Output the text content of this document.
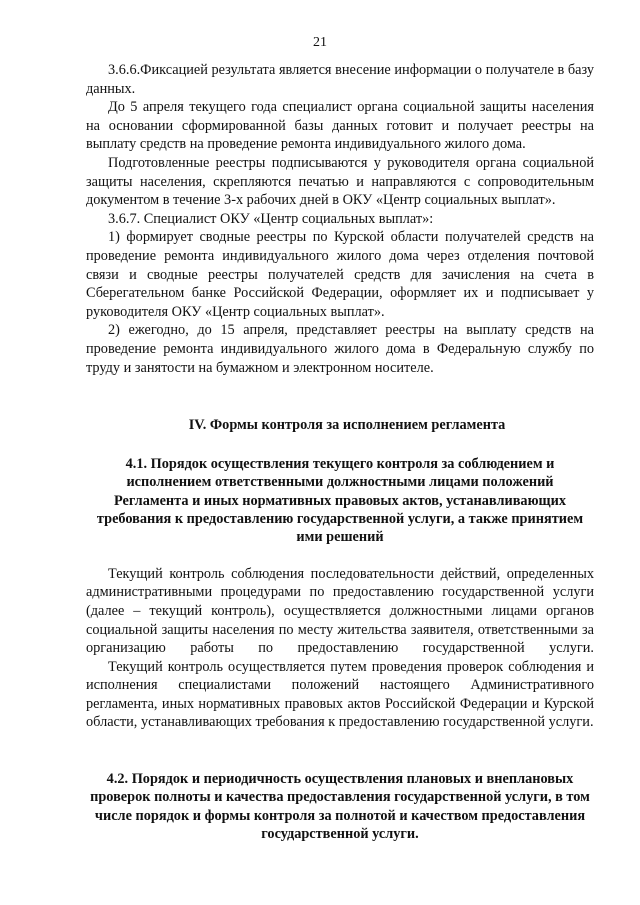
21

3.6.6.Фиксацией результата является внесение информации о получателе в базу данных.

До 5 апреля текущего года специалист органа социальной защиты населения на основании сформированной базы данных готовит и получает реестры на выплату средств на проведение ремонта индивидуального жилого дома.

Подготовленные реестры подписываются у руководителя органа социальной защиты населения, скрепляются печатью и направляются с сопроводительным документом в течение 3-х рабочих дней в ОКУ «Центр социальных выплат».

3.6.7. Специалист ОКУ «Центр социальных выплат»:

1) формирует сводные реестры по Курской области получателей средств на проведение ремонта индивидуального жилого дома через отделения почтовой связи и сводные реестры получателей средств для зачисления на счета в Сберегательном банке Российской Федерации, оформляет их и подписывает у руководителя ОКУ «Центр социальных выплат».

2) ежегодно, до 15 апреля, представляет реестры на выплату средств на проведение ремонта индивидуального жилого дома в Федеральную службу по труду и занятости на бумажном и электронном носителе.

IV. Формы контроля за исполнением регламента
4.1. Порядок осуществления текущего контроля за соблюдением и исполнением ответственными должностными лицами положений Регламента и иных нормативных правовых актов, устанавливающих требования к предоставлению государственной услуги, а также принятием ими решений

Текущий контроль соблюдения последовательности действий, определенных административными процедурами по предоставлению государственной услуги (далее – текущий контроль), осуществляется должностными лицами органов социальной защиты населения по месту жительства заявителя, ответственными за организацию работы по предоставлению государственной услуги.

Текущий контроль осуществляется путем проведения проверок соблюдения и исполнения специалистами положений настоящего Административного регламента, иных нормативных правовых актов Российской Федерации и Курской области, устанавливающих требования к предоставлению государственной услуги.

4.2. Порядок и периодичность осуществления плановых и внеплановых проверок полноты и качества предоставления государственной услуги, в том числе порядок и формы контроля за полнотой и качеством предоставления государственной услуги.
